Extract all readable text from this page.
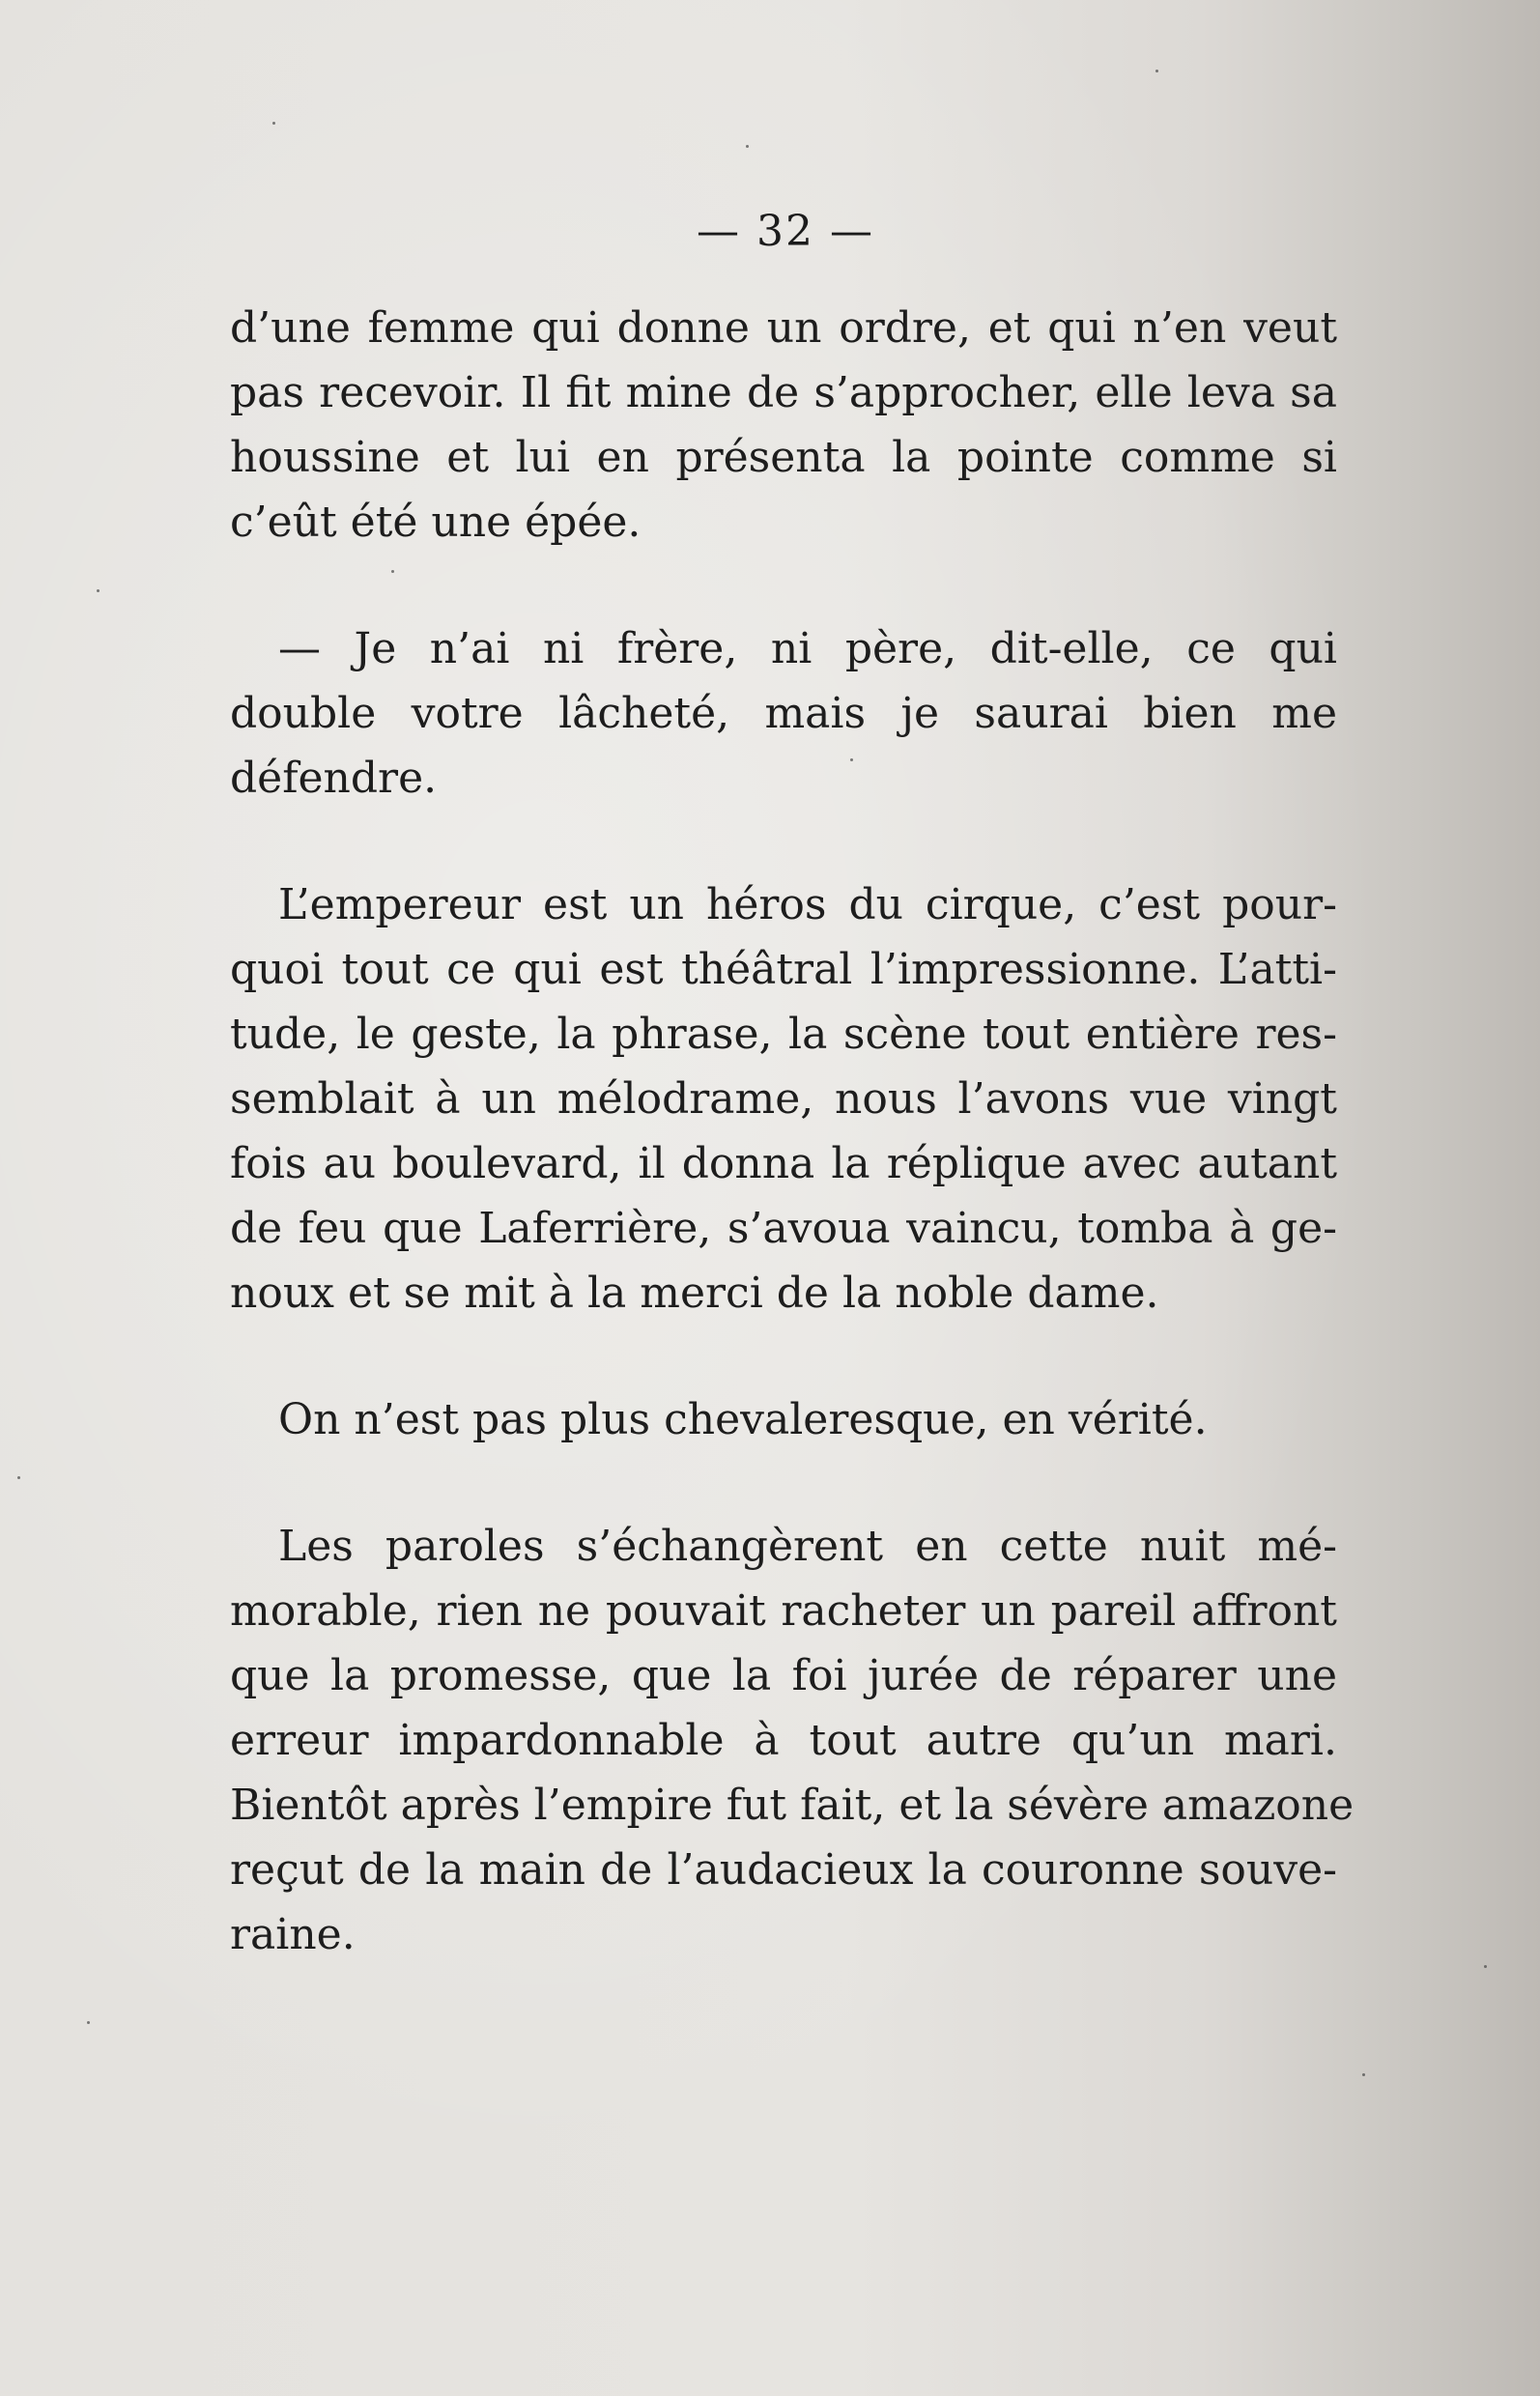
— 32 —
d’une femme qui donne un ordre, et qui n’en veut
pas recevoir. Il fit mine de s’approcher, elle leva sa
houssine et lui en présenta la pointe comme si
c’eût été une épée.
— Je n’ai ni frère, ni père, dit-elle, ce qui
double votre lâcheté, mais je saurai bien me
défendre.
L’empereur est un héros du cirque, c’est pour-
quoi tout ce qui est théâtral l’impressionne. L’atti-
tude, le geste, la phrase, la scène tout entière res-
semblait à un mélodrame, nous l’avons vue vingt
fois au boulevard, il donna la réplique avec autant
de feu que Laferrière, s’avoua vaincu, tomba à ge-
noux et se mit à la merci de la noble dame.
On n’est pas plus chevaleresque, en vérité.
Les paroles s’échangèrent en cette nuit mé-
morable, rien ne pouvait racheter un pareil affront
que la promesse, que la foi jurée de réparer une
erreur impardonnable à tout autre qu’un mari.
Bientôt après l’empire fut fait, et la sévère amazone
reçut de la main de l’audacieux la couronne souve-
raine.
